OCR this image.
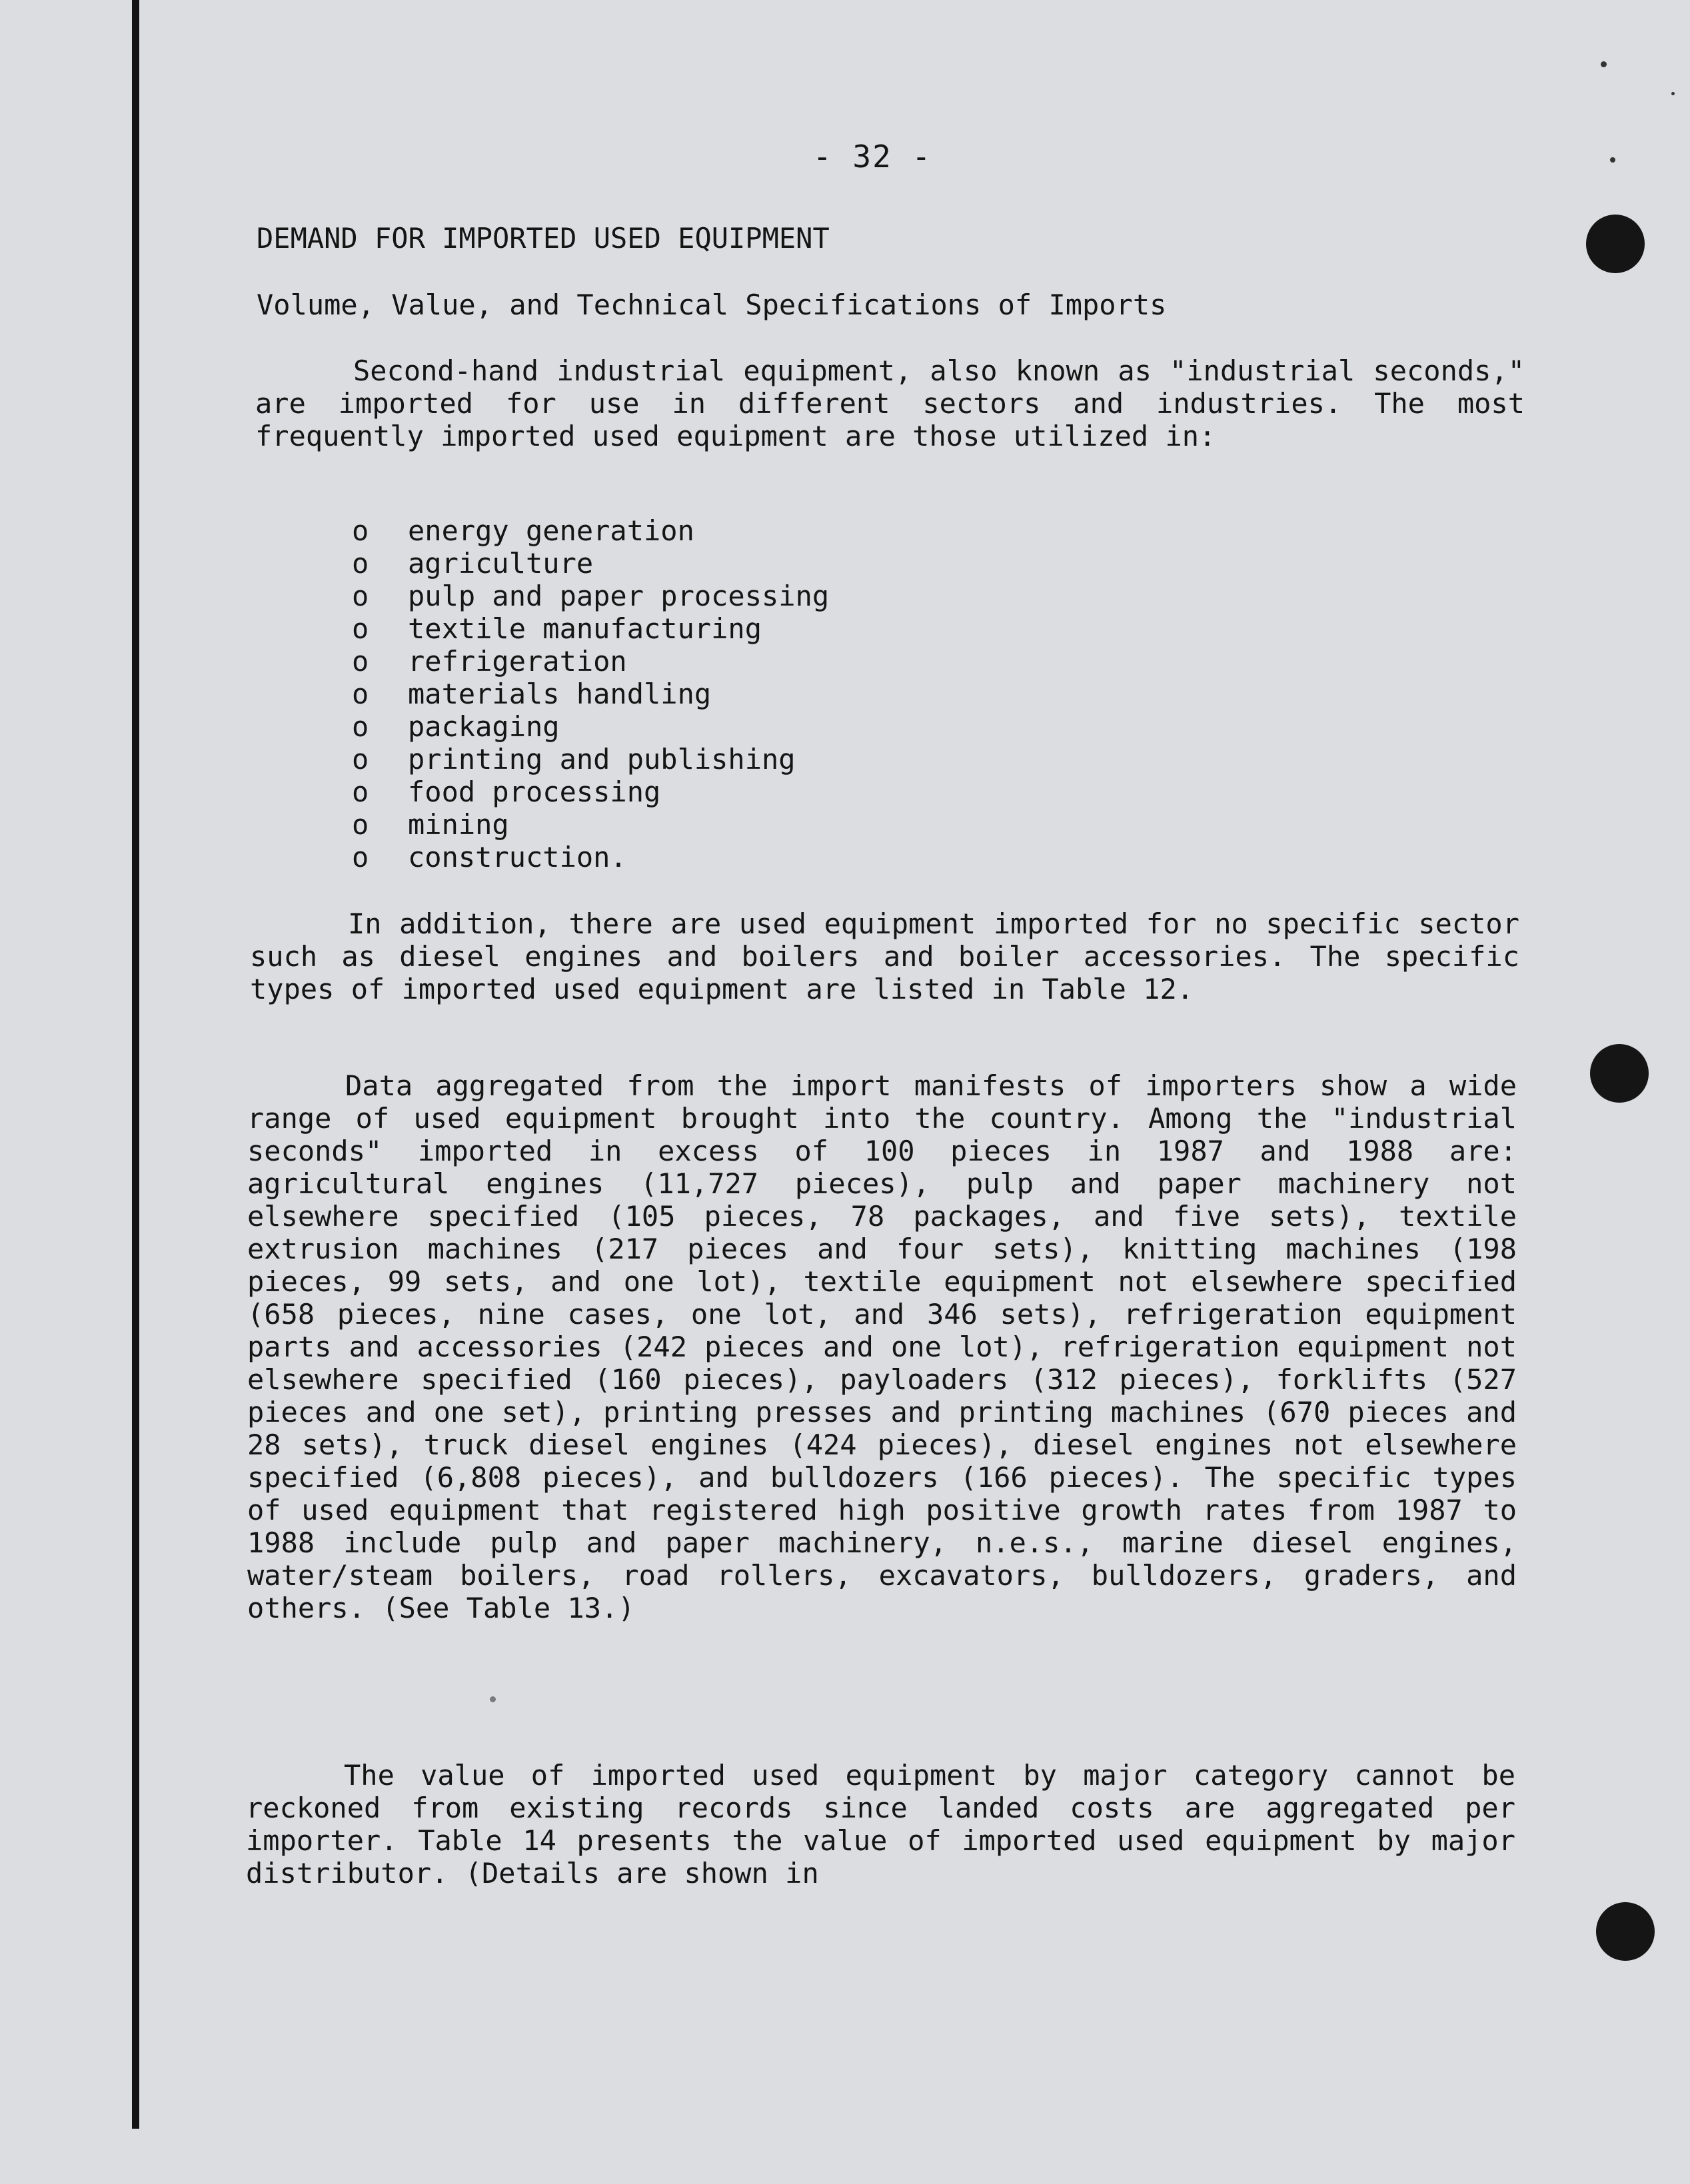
- 32 -
DEMAND FOR IMPORTED USED EQUIPMENT
Volume, Value, and Technical Specifications of Imports

Second-hand industrial equipment, also known as "industrial seconds," are imported for use in different sectors and industries. The most frequently imported used equipment are those utilized in:

o	energy generation
o	agriculture
o	pulp and paper processing
o	textile manufacturing
o	refrigeration
o	materials handling
o	packaging
o	printing and publishing
o	food processing
o	mining
o	construction.

In addition, there are used equipment imported for no specific sector such as diesel engines and boilers and boiler accessories. The specific types of imported used equipment are listed in Table 12.

Data aggregated from the import manifests of importers show a wide range of used equipment brought into the country. Among the "industrial seconds" imported in excess of 100 pieces in 1987 and 1988 are: agricultural engines (11,727 pieces), pulp and paper machinery not elsewhere specified (105 pieces, 78 packages, and five sets), textile extrusion machines (217 pieces and four sets), knitting machines (198 pieces, 99 sets, and one lot), textile equipment not elsewhere specified (658 pieces, nine cases, one lot, and 346 sets), refrigeration equipment parts and accessories (242 pieces and one lot), refrigeration equipment not elsewhere specified (160 pieces), payloaders (312 pieces), forklifts (527 pieces and one set), printing presses and printing machines (670 pieces and 28 sets), truck diesel engines (424 pieces), diesel engines not elsewhere specified (6,808 pieces), and bulldozers (166 pieces). The specific types of used equipment that registered high positive growth rates from 1987 to 1988 include pulp and paper machinery, n.e.s., marine diesel engines, water/steam boilers, road rollers, excavators, bulldozers, graders, and others. (See Table 13.)

The value of imported used equipment by major category cannot be reckoned from existing records since landed costs are aggregated per importer. Table 14 presents the value of imported used equipment by major distributor. (Details are shown in
